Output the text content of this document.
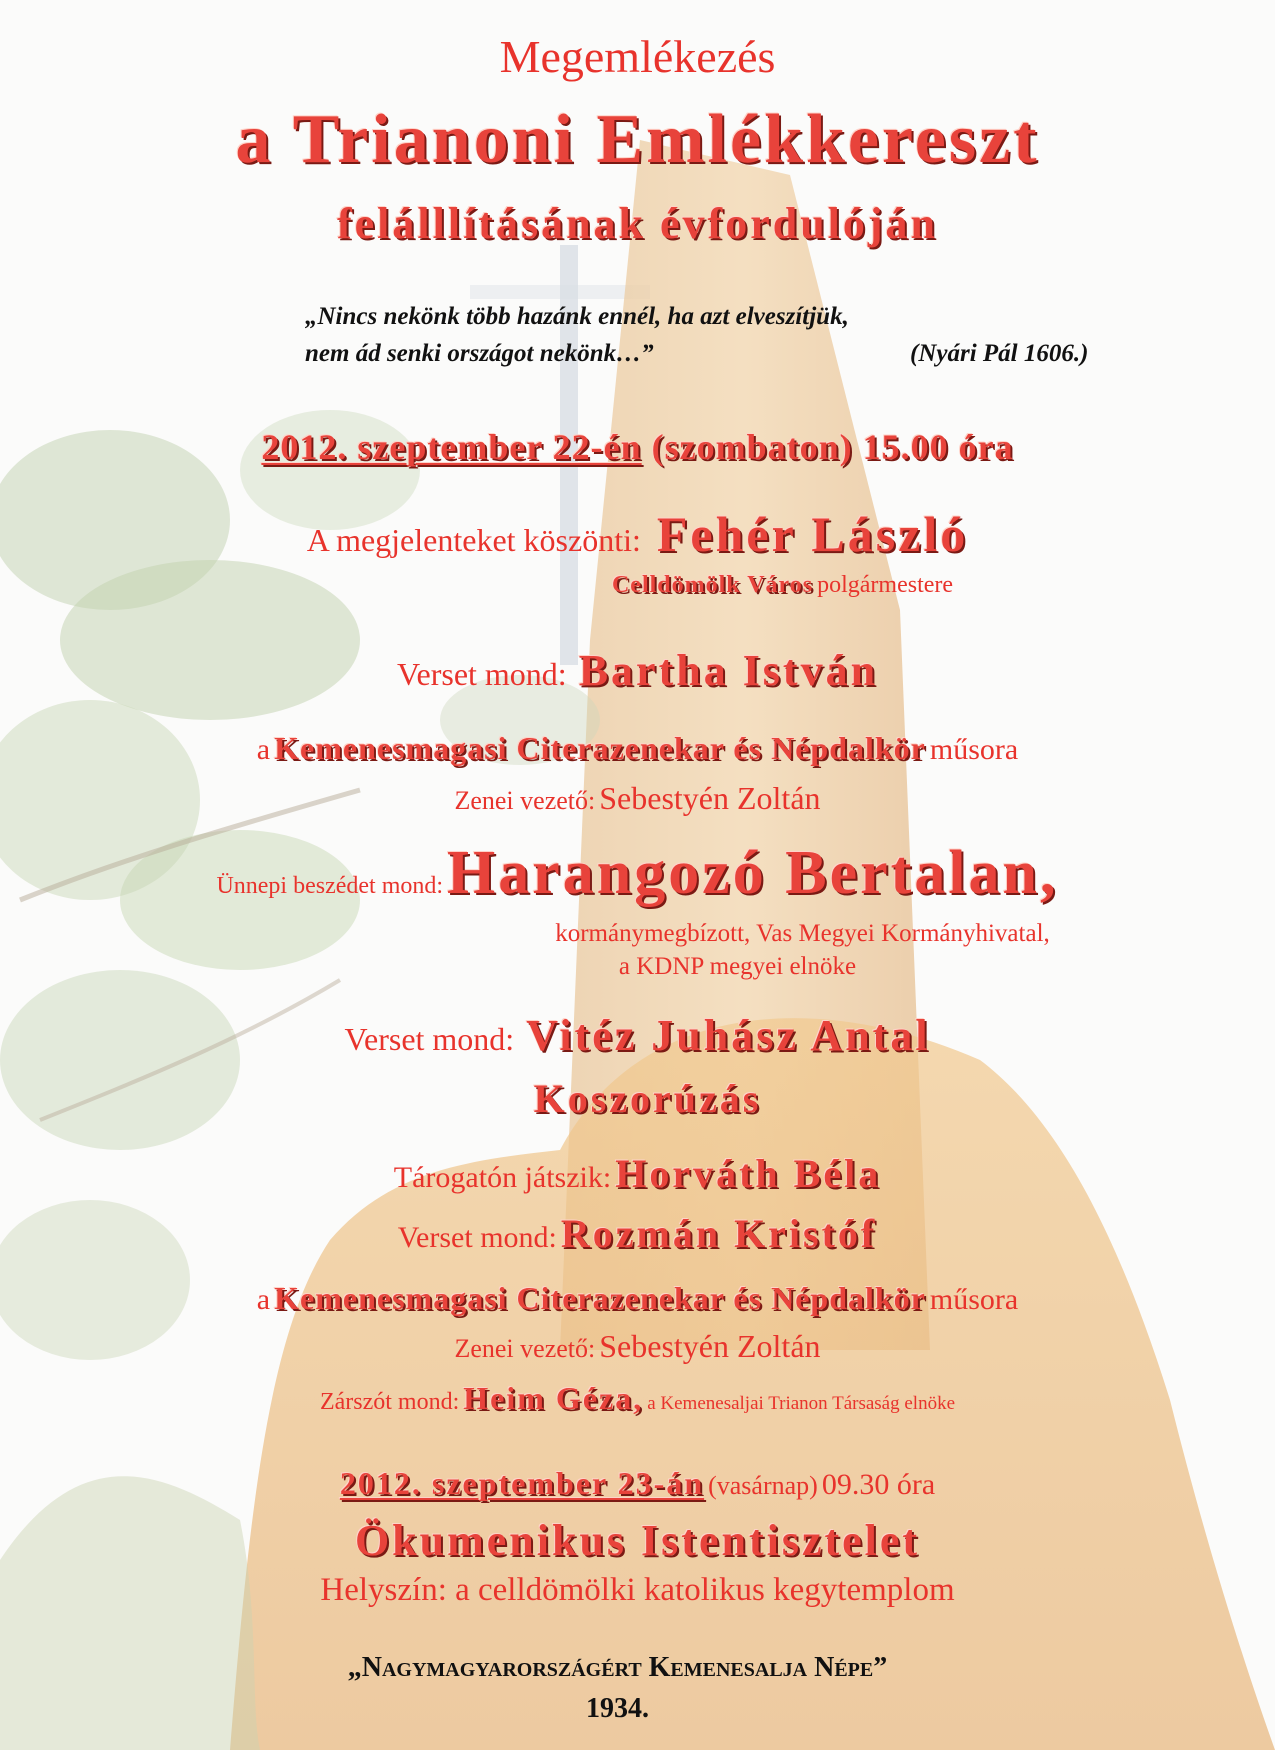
Megemlékezés
a Trianoni Emlékkereszt
felálllításának évfordulóján
„Nincs nekönk több hazánk ennél, ha azt elveszítjük,
nem ád senki országot nekönk…”	(Nyári Pál 1606.)
2012. szeptember 22-én (szombaton) 15.00 óra
A megjelenteket köszönti: Fehér László
Celldömölk Város polgármestere
Verset mond: Bartha István
a Kemenesmagasi Citerazenekar és Népdalkör műsora
Zenei vezető: Sebestyén Zoltán
Ünnepi beszédet mond: Harangozó Bertalan,
kormánymegbízott, Vas Megyei Kormányhivatal,
a KDNP megyei elnöke
Verset mond: Vitéz Juhász Antal
Koszorúzás
Tárogatón játszik: Horváth Béla
Verset mond: Rozmán Kristóf
a Kemenesmagasi Citerazenekar és Népdalkör műsora
Zenei vezető: Sebestyén Zoltán
Zárszót mond: Heim Géza, a Kemenesaljai Trianon Társaság elnöke
2012. szeptember 23-án (vasárnap) 09.30 óra
Ökumenikus Istentisztelet
Helyszín: a celldömölki katolikus kegytemplom
„Nagymagyarországért Kemenesalja Népe”
1934.
